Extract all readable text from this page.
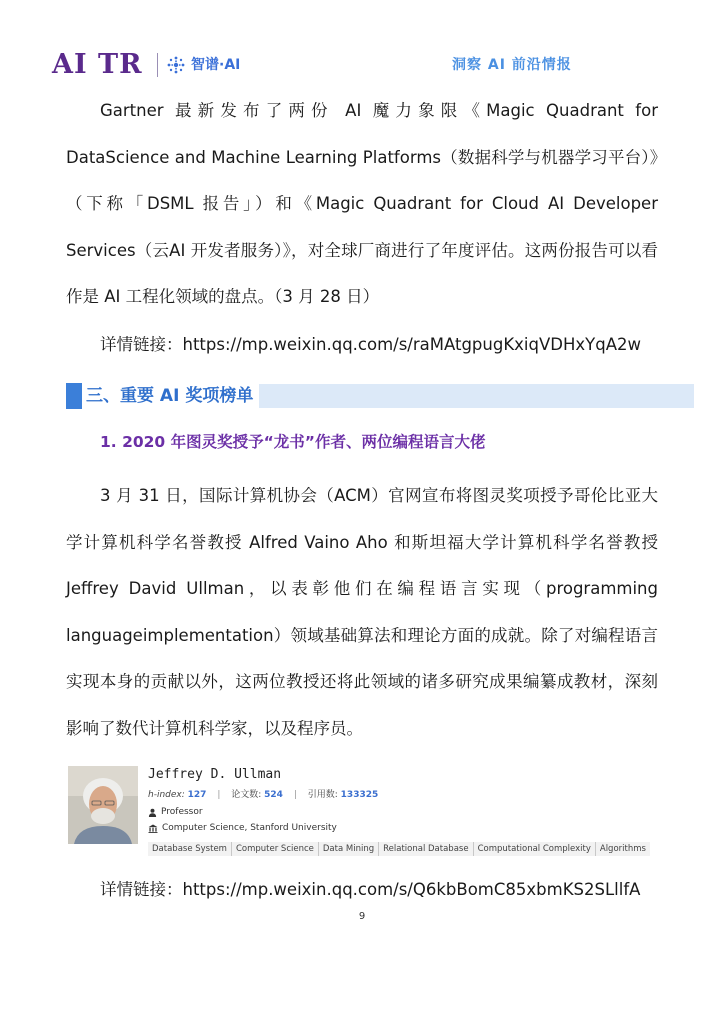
AI TR	智谱·AI	洞察 AI 前沿情报

Gartner 最新发布了两份 AI 魔力象限《Magic Quadrant for DataScience and Machine Learning Platforms（数据科学与机器学习平台）》（下称「DSML 报告」）和《Magic Quadrant for Cloud AI Developer Services（云AI 开发者服务）》，对全球厂商进行了年度评估。这两份报告可以看作是 AI 工程化领域的盘点。（3 月 28 日）

详情链接：https://mp.weixin.qq.com/s/raMAtgpugKxiqVDHxYqA2w
三、重要 AI 奖项榜单
1. 2020 年图灵奖授予“龙书”作者、两位编程语言大佬

3 月 31 日，国际计算机协会（ACM）官网宣布将图灵奖项授予哥伦比亚大学计算机科学名誉教授 Alfred Vaino Aho 和斯坦福大学计算机科学名誉教授Jeffrey David Ullman，以表彰他们在编程语言实现（programming languageimplementation）领域基础算法和理论方面的成就。除了对编程语言实现本身的贡献以外，这两位教授还将此领域的诸多研究成果编纂成教材，深刻影响了数代计算机科学家，以及程序员。

Jeffrey D. Ullman
h-index: 127 | 论文数: 524 | 引用数: 133325
Professor
Computer Science, Stanford University
Database System	Computer Science	Data Mining	Relational Database	Computational Complexity	Algorithms
详情链接：https://mp.weixin.qq.com/s/Q6kbBomC85xbmKS2SLllfA
9
